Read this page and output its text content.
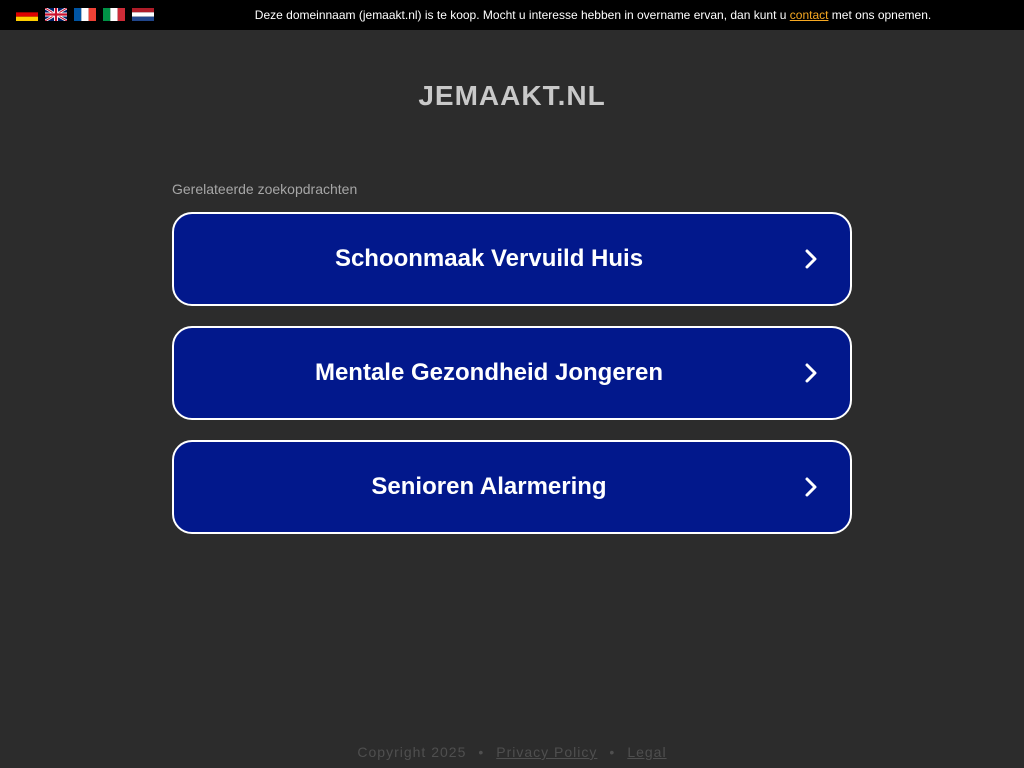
Deze domeinnaam (jemaakt.nl) is te koop. Mocht u interesse hebben in overname ervan, dan kunt u contact met ons opnemen.
JEMAAKT.NL
Gerelateerde zoekopdrachten
Schoonmaak Vervuild Huis
Mentale Gezondheid Jongeren
Senioren Alarmering
Copyright 2025 • Privacy Policy • Legal
